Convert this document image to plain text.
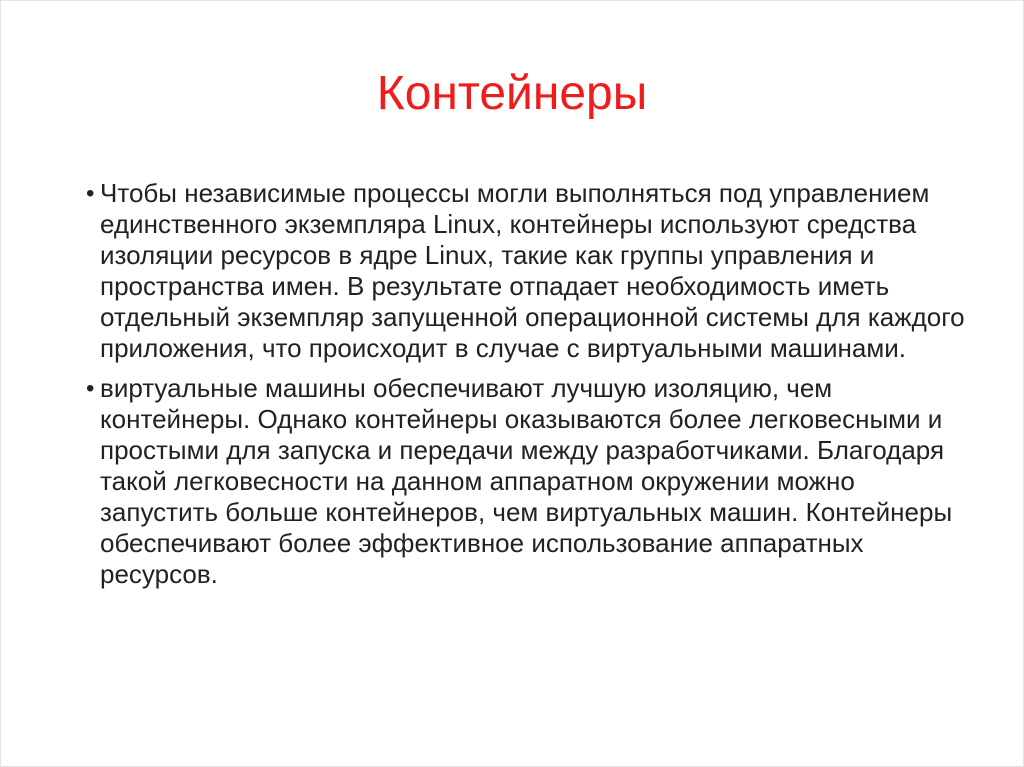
Контейнеры
• Чтобы независимые процессы могли выполняться под управлением единственного экземпляра Linux, контейнеры используют средства изоляции ресурсов в ядре Linux, такие как группы управления и пространства имен. В результате отпадает необходимость иметь отдельный экземпляр запущенной операционной системы для каждого приложения, что происходит в случае с виртуальными машинами.
• виртуальные машины обеспечивают лучшую изоляцию, чем контейнеры. Однако контейнеры оказываются более легковесными и простыми для запуска и передачи между разработчиками. Благодаря такой легковесности на данном аппаратном окружении можно запустить больше контейнеров, чем виртуальных машин. Контейнеры обеспечивают более эффективное использование аппаратных ресурсов.
